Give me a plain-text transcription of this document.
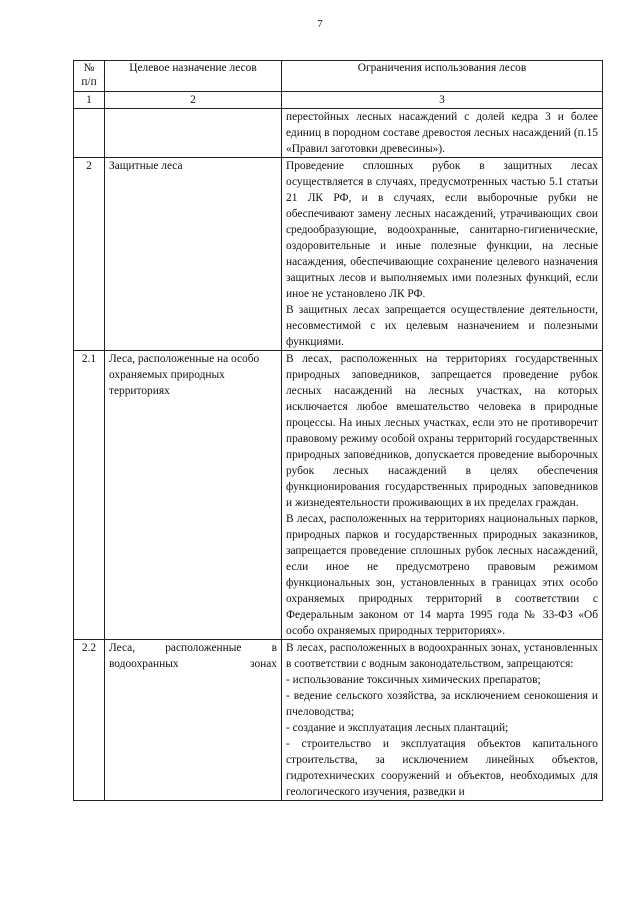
7
№ п/п	Целевое назначение лесов	Ограничения использования лесов
1	2	3

		перестойных лесных насаждений с долей кедра 3 и более единиц в породном составе древостоя лесных насаждений (п.15 «Правил заготовки древесины»).

2	Защитные леса	Проведение сплошных рубок в защитных лесах осуществляется в случаях, предусмотренных частью 5.1 статьи 21 ЛК РФ, и в случаях, если выборочные рубки не обеспечивают замену лесных насаждений, утрачивающих свои средообразующие, водоохранные, санитарно-гигиенические, оздоровительные и иные полезные функции, на лесные насаждения, обеспечивающие сохранение целевого назначения защитных лесов и выполняемых ими полезных функций, если иное не установлено ЛК РФ.

В защитных лесах запрещается осуществление деятельности, несовместимой с их целевым назначением и полезными функциями.

2.1	Леса, расположенные на особо охраняемых природных территориях	В лесах, расположенных на территориях государственных природных заповедников, запрещается проведение рубок лесных насаждений на лесных участках, на которых исключается любое вмешательство человека в природные процессы. На иных лесных участках, если это не противоречит правовому режиму особой охраны территорий государственных природных заповедников, допускается проведение выборочных рубок лесных насаждений в целях обеспечения функционирования государственных природных заповедников и жизнедеятельности проживающих в их пределах граждан.

В лесах, расположенных на территориях национальных парков, природных парков и государственных природных заказников, запрещается проведение сплошных рубок лесных насаждений, если иное не предусмотрено правовым режимом функциональных зон, установленных в границах этих особо охраняемых природных территорий в соответствии с Федеральным законом от 14 марта 1995 года № 33-ФЗ «Об особо охраняемых природных территориях».

2.2	Леса, расположенные в водоохранных зонах	В лесах, расположенных в водоохранных зонах, установленных в соответствии с водным законодательством, запрещаются:

- использование токсичных химических препаратов;

- ведение сельского хозяйства, за исключением сенокошения и пчеловодства;

- создание и эксплуатация лесных плантаций;

- строительство и эксплуатация объектов капитального строительства, за исключением линейных объектов, гидротехнических сооружений и объектов, необходимых для геологического изучения, разведки и
